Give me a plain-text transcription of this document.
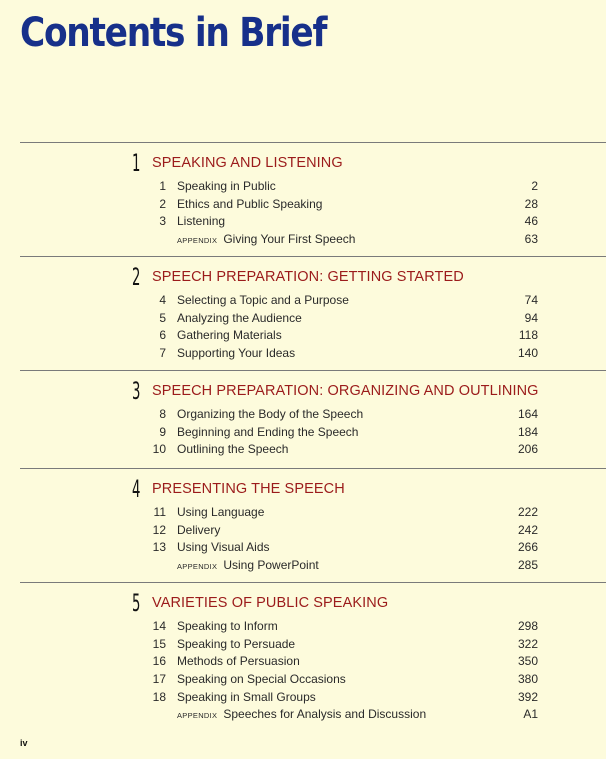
Contents in Brief
1 SPEAKING AND LISTENING
1 Speaking in Public	2
2 Ethics and Public Speaking	28
3 Listening	46
APPENDIX Giving Your First Speech	63
2 SPEECH PREPARATION: GETTING STARTED
4 Selecting a Topic and a Purpose	74
5 Analyzing the Audience	94
6 Gathering Materials	118
7 Supporting Your Ideas	140
3 SPEECH PREPARATION: ORGANIZING AND OUTLINING
8 Organizing the Body of the Speech	164
9 Beginning and Ending the Speech	184
10 Outlining the Speech	206
4 PRESENTING THE SPEECH
11 Using Language	222
12 Delivery	242
13 Using Visual Aids	266
APPENDIX Using PowerPoint	285
5 VARIETIES OF PUBLIC SPEAKING
14 Speaking to Inform	298
15 Speaking to Persuade	322
16 Methods of Persuasion	350
17 Speaking on Special Occasions	380
18 Speaking in Small Groups	392
APPENDIX Speeches for Analysis and Discussion	A1
iv
